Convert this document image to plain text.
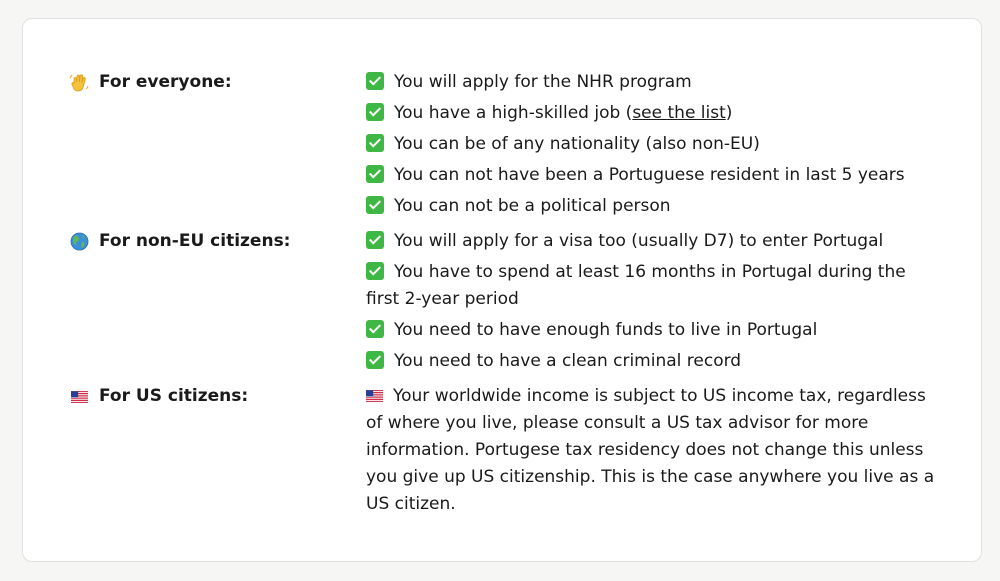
For everyone:	You will apply for the NHR program
You have a high-skilled job (see the list)
You can be of any nationality (also non-EU)
You can not have been a Portuguese resident in last 5 years
You can not be a political person
For non-EU citizens:	You will apply for a visa too (usually D7) to enter Portugal
You have to spend at least 16 months in Portugal during the first 2-year period
You need to have enough funds to live in Portugal
You need to have a clean criminal record
For US citizens:	Your worldwide income is subject to US income tax, regardless of where you live, please consult a US tax advisor for more information. Portugese tax residency does not change this unless you give up US citizenship. This is the case anywhere you live as a US citizen.
